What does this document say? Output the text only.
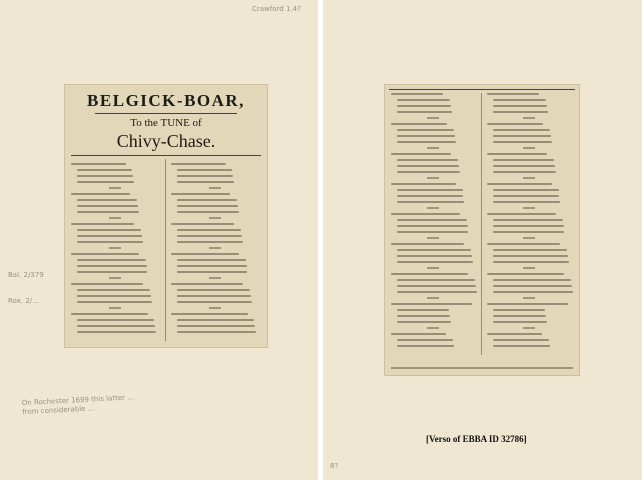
Crawford 1.4?
Bal. 2/379
Rox. 2/...
On Rochester 1699 this latter ... from considerable ...
BELGICK-BOAR,
To the TUNE of
Chivy-Chase.
8?
[Verso of EBBA ID 32786]
